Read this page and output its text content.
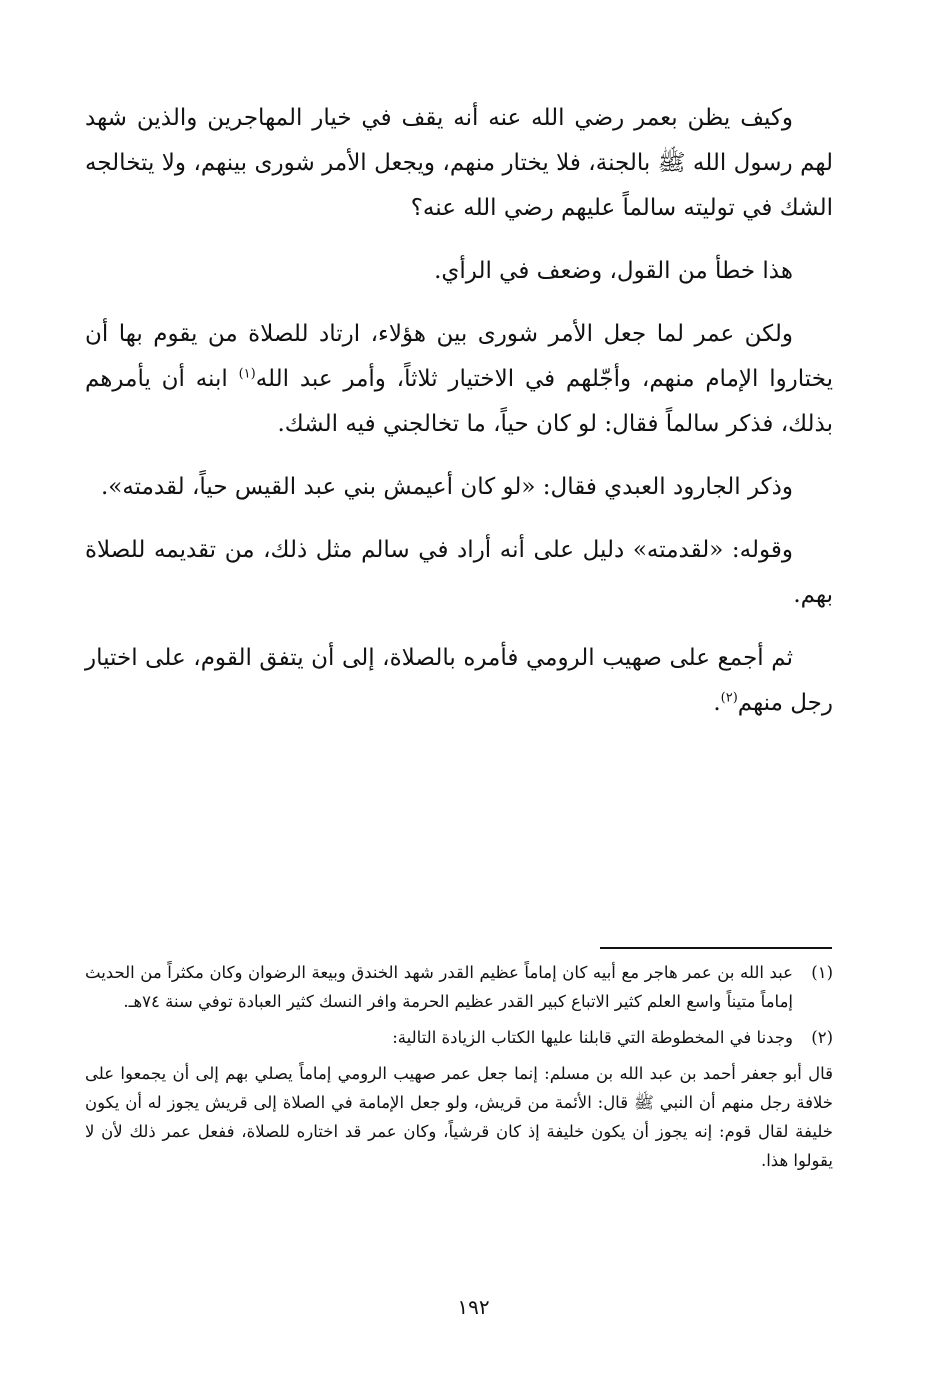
وكيف يظن بعمر رضي الله عنه أنه يقف في خيار المهاجرين والذين شهد لهم رسول الله ﷺ بالجنة، فلا يختار منهم، ويجعل الأمر شورى بينهم، ولا يتخالجه الشك في توليته سالماً عليهم رضي الله عنه؟

هذا خطأ من القول، وضعف في الرأي.

ولكن عمر لما جعل الأمر شورى بين هؤلاء، ارتاد للصلاة من يقوم بها أن يختاروا الإمام منهم، وأجّلهم في الاختيار ثلاثاً، وأمر عبد الله$^{(١)}$ ابنه أن يأمرهم بذلك، فذكر سالماً فقال: لو كان حياً، ما تخالجني فيه الشك.

وذكر الجارود العبدي فقال: «لو كان أعيمش بني عبد القيس حياً، لقدمته».

وقوله: «لقدمته» دليل على أنه أراد في سالم مثل ذلك، من تقديمه للصلاة بهم.

ثم أجمع على صهيب الرومي فأمره بالصلاة، إلى أن يتفق القوم، على اختيار رجل منهم$^{(٢)}$.

(١)
عبد الله بن عمر هاجر مع أبيه كان إماماً عظيم القدر شهد الخندق وبيعة الرضوان وكان مكثراً من الحديث إماماً متيناً واسع العلم كثير الاتباع كبير القدر عظيم الحرمة وافر النسك كثير العبادة توفي سنة ٧٤هـ.
(٢)
وجدنا في المخطوطة التي قابلنا عليها الكتاب الزيادة التالية:
قال أبو جعفر أحمد بن عبد الله بن مسلم: إنما جعل عمر صهيب الرومي إماماً يصلي بهم إلى أن يجمعوا على خلافة رجل منهم أن النبي ﷺ قال: الأئمة من قريش، ولو جعل الإمامة في الصلاة إلى قريش يجوز له أن يكون خليفة لقال قوم: إنه يجوز أن يكون خليفة إذ كان قرشياً، وكان عمر قد اختاره للصلاة، ففعل عمر ذلك لأن لا يقولوا هذا.
١٩٢
